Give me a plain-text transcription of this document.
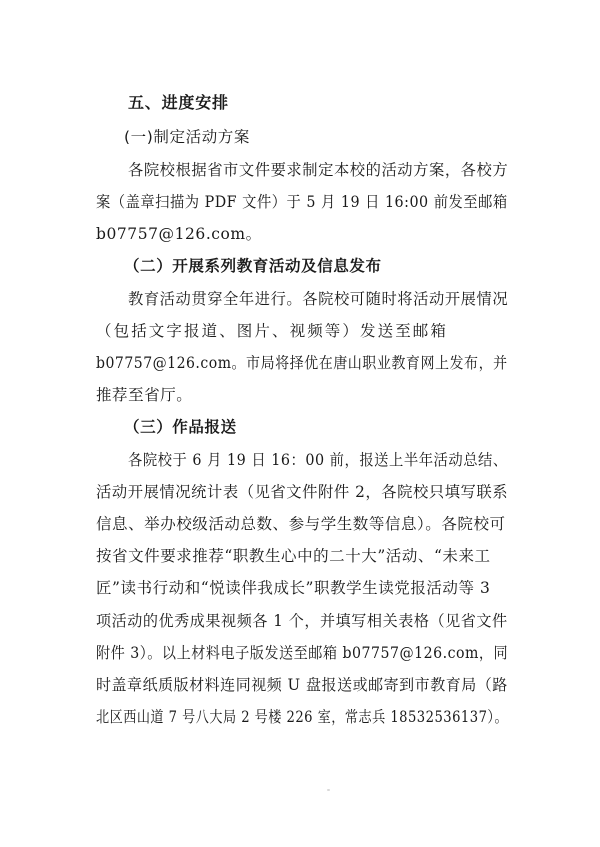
五、进度安排
(一)制定活动方案
各院校根据省市文件要求制定本校的活动方案，各校方
案（盖章扫描为 PDF 文件）于 5 月 19 日 16:00 前发至邮箱
b07757@126.com。
（二）开展系列教育活动及信息发布
教育活动贯穿全年进行。各院校可随时将活动开展情况
（包括文字报道、图片、视频等）发送至邮箱
b07757@126.com。市局将择优在唐山职业教育网上发布，并
推荐至省厅。
（三）作品报送
各院校于 6 月 19 日 16：00 前，报送上半年活动总结、
活动开展情况统计表（见省文件附件 2，各院校只填写联系
信息、举办校级活动总数、参与学生数等信息）。各院校可
按省文件要求推荐“职教生心中的二十大”活动、“未来工
匠”读书行动和“悦读伴我成长”职教学生读党报活动等 3
项活动的优秀成果视频各 1 个，并填写相关表格（见省文件
附件 3）。以上材料电子版发送至邮箱 b07757@126.com，同
时盖章纸质版材料连同视频 U 盘报送或邮寄到市教育局（路
北区西山道 7 号八大局 2 号楼 226 室，常志兵 18532536137）。
